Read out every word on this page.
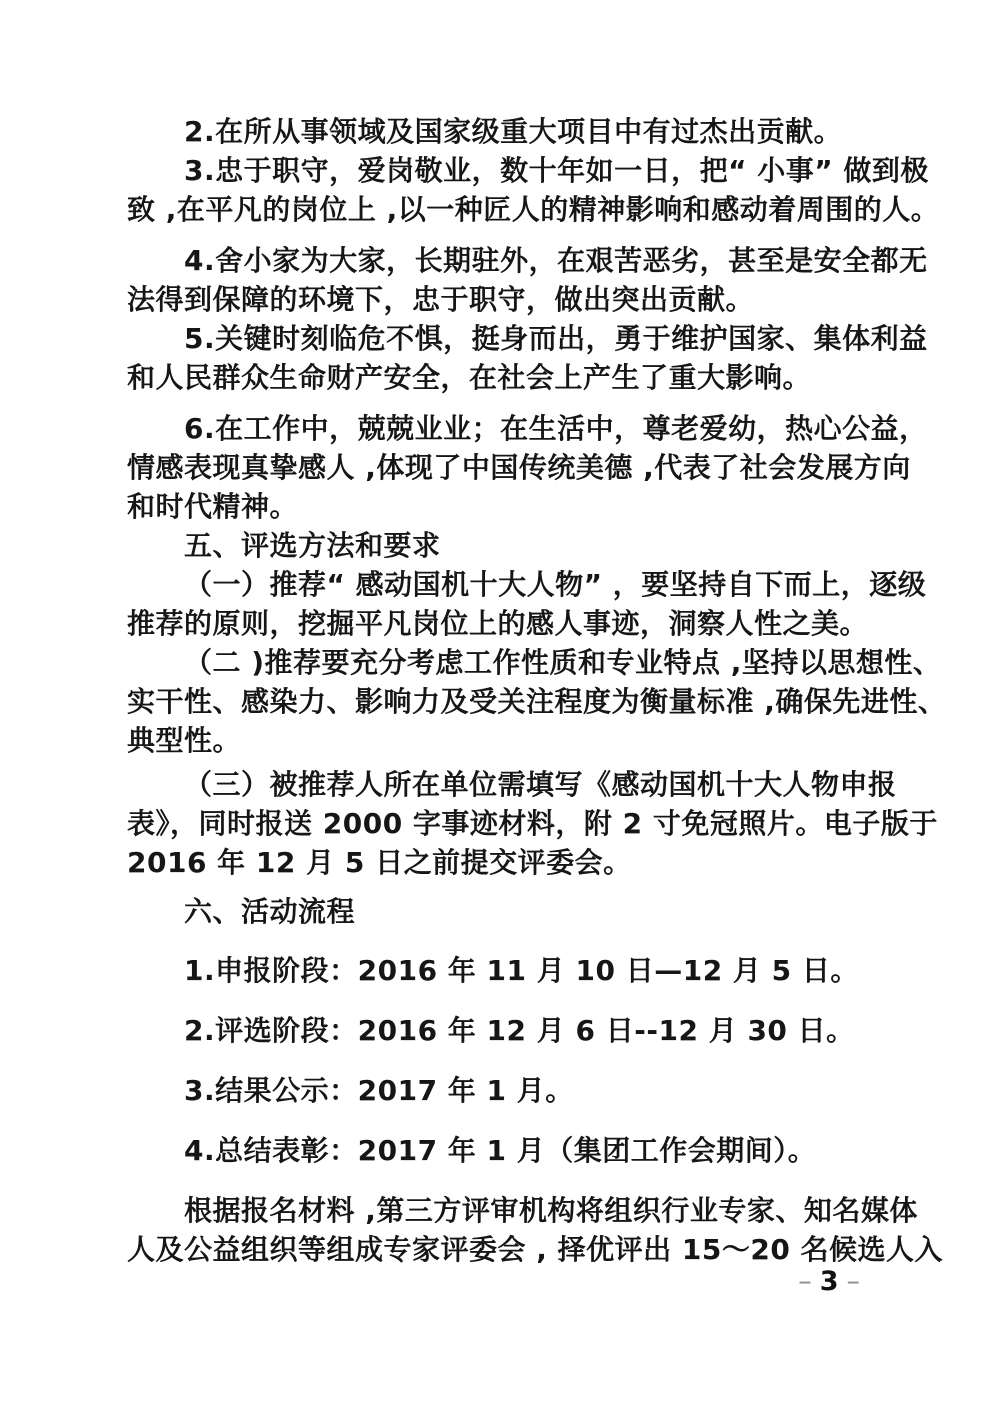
2.在所从事领域及国家级重大项目中有过杰出贡献。
3.忠于职守，爱岗敬业，数十年如一日，把“ 小事” 做到极
致 ,在平凡的岗位上 ,以一种匠人的精神影响和感动着周围的人。
4.舍小家为大家，长期驻外，在艰苦恶劣，甚至是安全都无
法得到保障的环境下，忠于职守，做出突出贡献。
5.关键时刻临危不惧，挺身而出，勇于维护国家、集体利益
和人民群众生命财产安全，在社会上产生了重大影响。
6.在工作中，兢兢业业；在生活中，尊老爱幼，热心公益，
情感表现真挚感人 ,体现了中国传统美德 ,代表了社会发展方向
和时代精神。
五、评选方法和要求
（一）推荐“ 感动国机十大人物” ，要坚持自下而上，逐级
推荐的原则，挖掘平凡岗位上的感人事迹，洞察人性之美。
（二 )推荐要充分考虑工作性质和专业特点 ,坚持以思想性、
实干性、感染力、影响力及受关注程度为衡量标准 ,确保先进性、
典型性。
（三）被推荐人所在单位需填写《感动国机十大人物申报
表》，同时报送 2000 字事迹材料，附 2 寸免冠照片。电子版于
2016 年 12 月 5 日之前提交评委会。
六、活动流程
1.申报阶段：2016 年 11 月 10 日—12 月 5 日。
2.评选阶段：2016 年 12 月 6 日--12 月 30 日。
3.结果公示：2017 年 1 月。
4.总结表彰：2017 年 1 月（集团工作会期间）。
根据报名材料 ,第三方评审机构将组织行业专家、知名媒体
人及公益组织等组成专家评委会 , 择优评出 15～20 名候选人入
– 3 –
